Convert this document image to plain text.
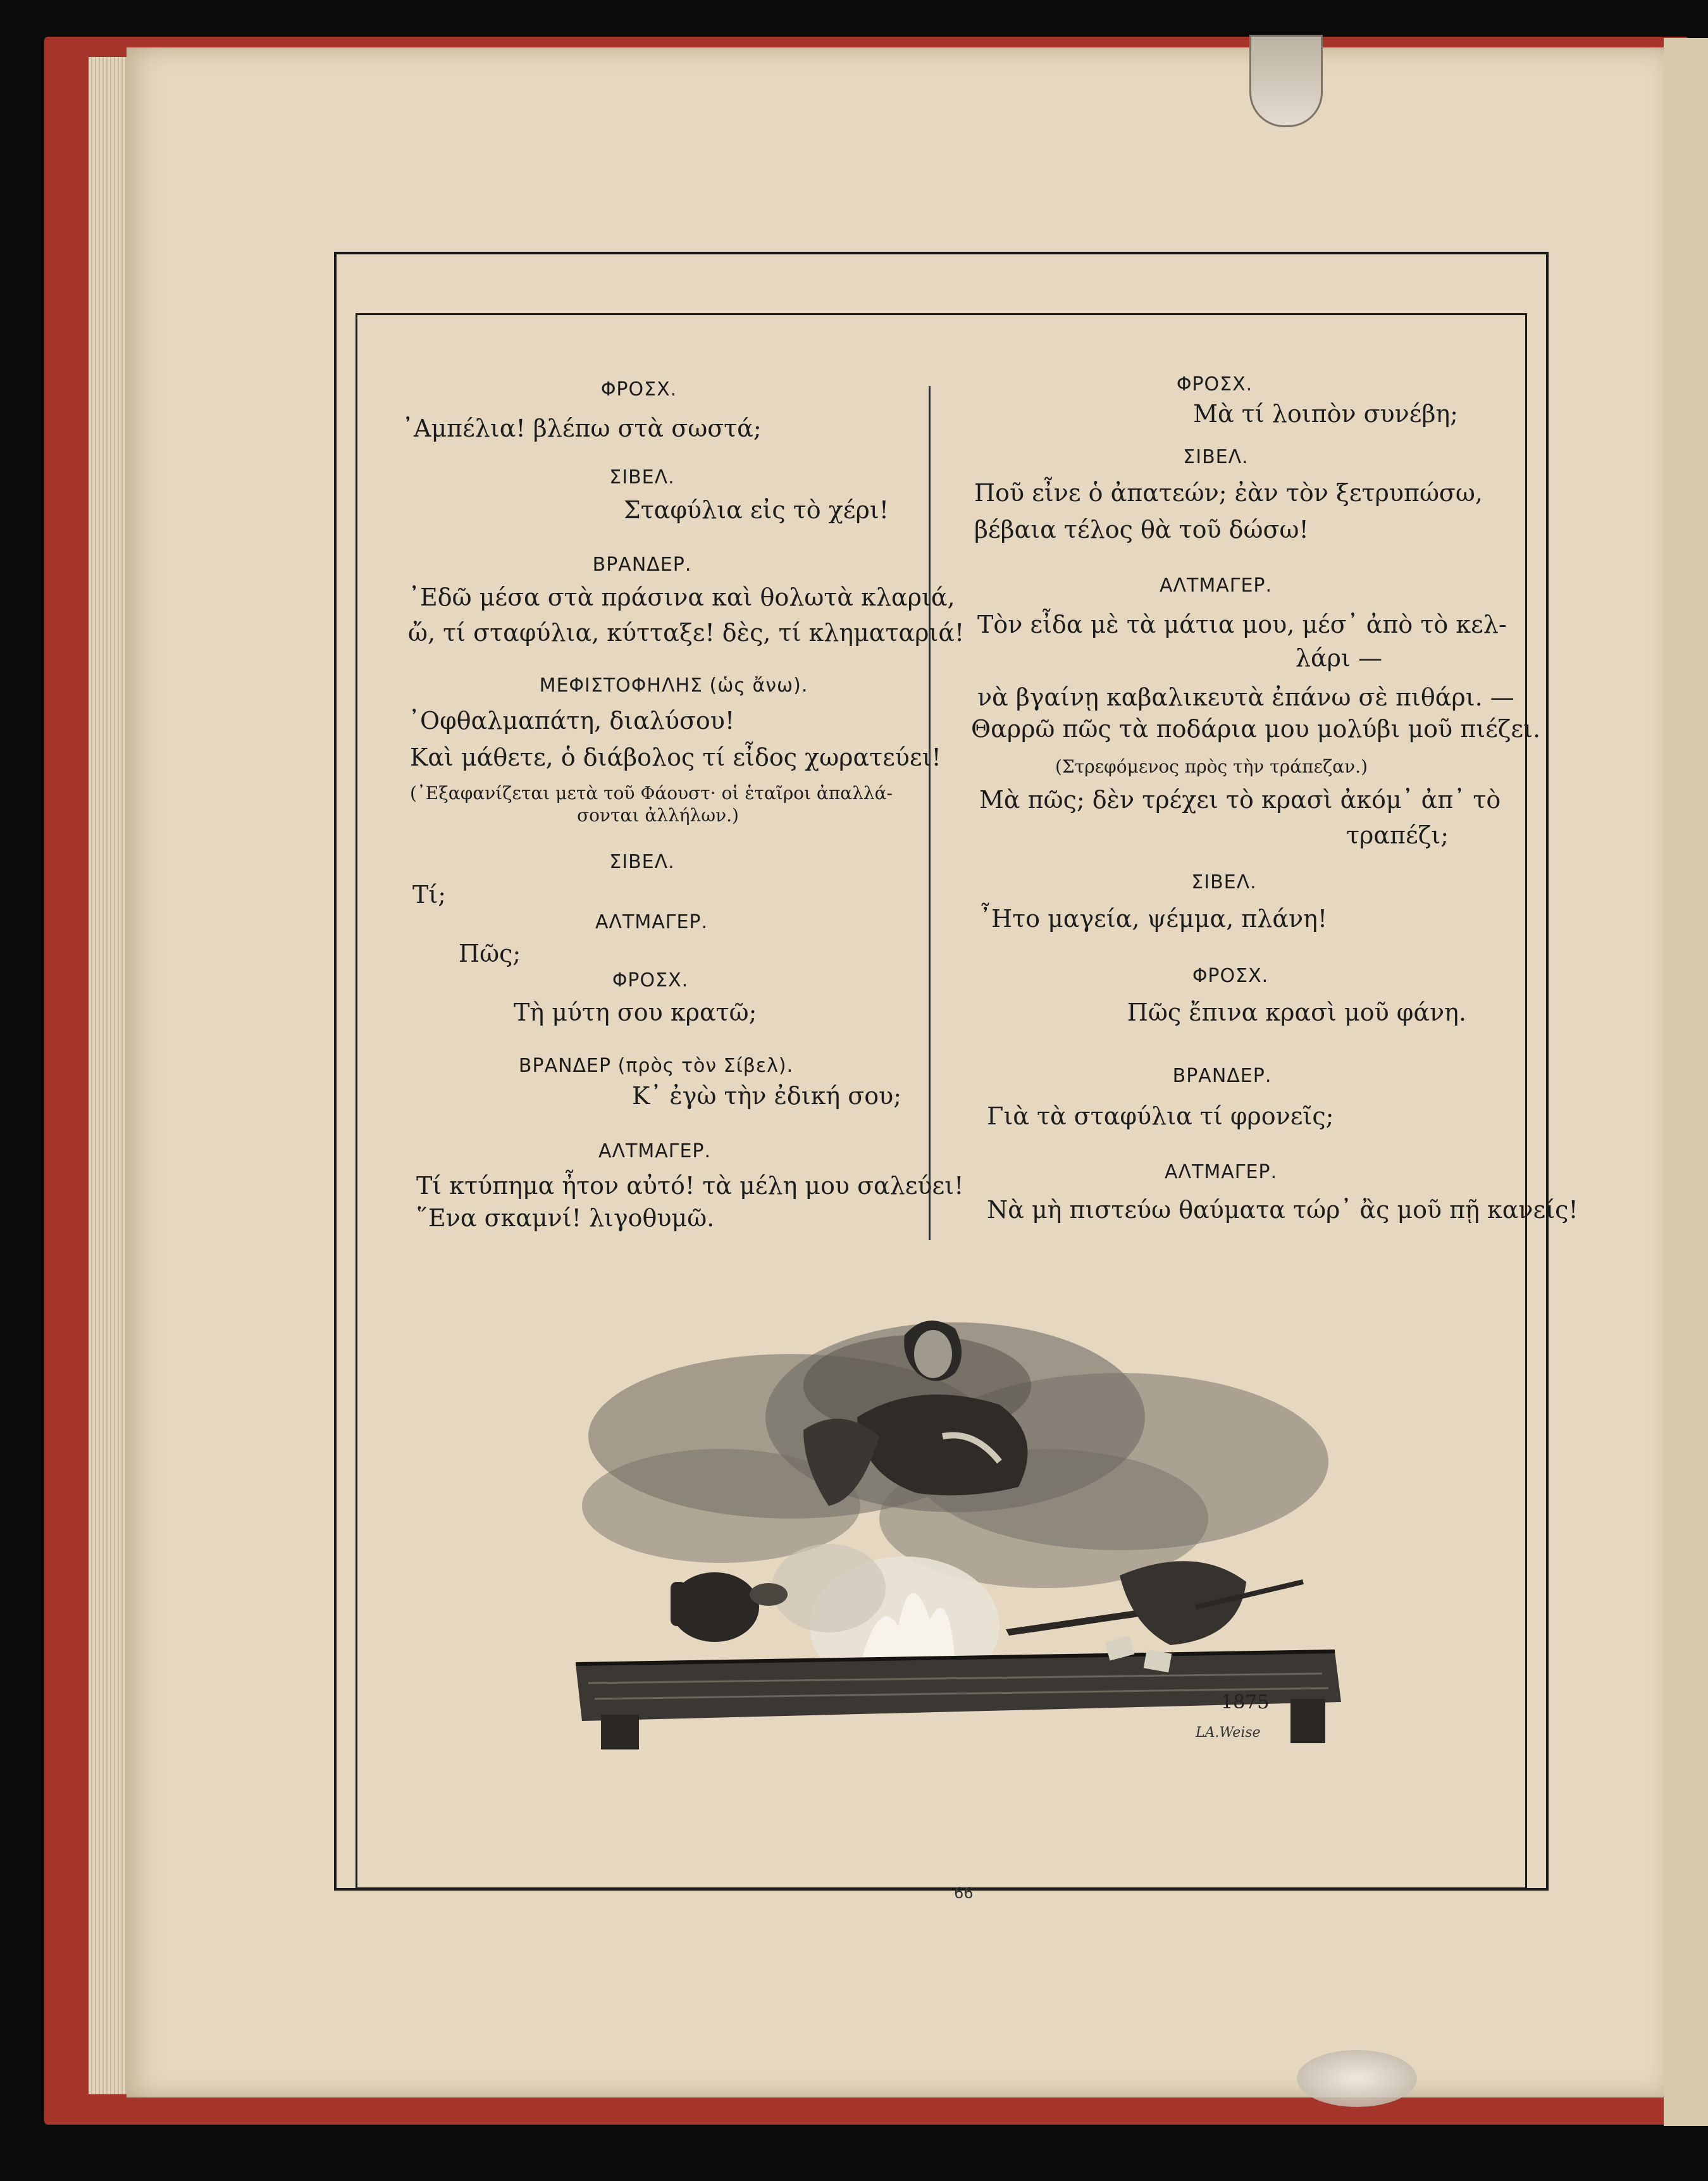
ΦΡΟΣΧ.
᾿Αμπέλια! βλέπω στὰ σωστά;
ΣΙΒΕΛ.
Σταφύλια εἰς τὸ χέρι!
ΒΡΑΝΔΕΡ.
᾿Εδῶ μέσα στὰ πράσινα καὶ θολωτὰ κλαριά,
ὤ, τί σταφύλια, κύτταξε! δὲς, τί κληματαριά!
ΜΕΦΙΣΤΟΦΗΛΗΣ (ὡς ἄνω).
᾿Οφθαλμαπάτη, διαλύσου!
Καὶ μάθετε, ὁ διάβολος τί εἶδος χωρατεύει!
(᾿Εξαφανίζεται μετὰ τοῦ Φάουστ· οἱ ἑταῖροι ἀπαλλά-
σονται ἀλλήλων.)
ΣΙΒΕΛ.
Τί;
ΑΛΤΜΑΓΕΡ.
Πῶς;
ΦΡΟΣΧ.
Τὴ μύτη σου κρατῶ;
ΒΡΑΝΔΕΡ (πρὸς τὸν Σίβελ).
Κ᾿ ἐγὼ τὴν ἐδική σου;
ΑΛΤΜΑΓΕΡ.
Τί κτύπημα ἦτον αὐτό! τὰ μέλη μου σαλεύει!
῞Ενα σκαμνί! λιγοθυμῶ.
ΦΡΟΣΧ.
Μὰ τί λοιπὸν συνέβη;
ΣΙΒΕΛ.
Ποῦ εἶνε ὁ ἀπατεών; ἐὰν τὸν ξετρυπώσω,
βέβαια τέλος θὰ τοῦ δώσω!
ΑΛΤΜΑΓΕΡ.
Τὸν εἶδα μὲ τὰ μάτια μου, μέσ᾿ ἀπὸ τὸ κελ-
λάρι —
νὰ βγαίνῃ καβαλικευτὰ ἐπάνω σὲ πιθάρι. —
Θαρρῶ πῶς τὰ ποδάρια μου μολύβι μοῦ πιέζει.
(Στρεφόμενος πρὸς τὴν τράπεζαν.)
Μὰ πῶς; δὲν τρέχει τὸ κρασὶ ἀκόμ᾿ ἀπ᾿ τὸ
τραπέζι;
ΣΙΒΕΛ.
῏Ητο μαγεία, ψέμμα, πλάνη!
ΦΡΟΣΧ.
Πῶς ἔπινα κρασὶ μοῦ φάνη.
ΒΡΑΝΔΕΡ.
Γιὰ τὰ σταφύλια τί φρονεῖς;
ΑΛΤΜΑΓΕΡ.
Νὰ μὴ πιστεύω θαύματα τώρ᾿ ἂς μοῦ πῇ κανείς!
1875
LA.Weise
66
